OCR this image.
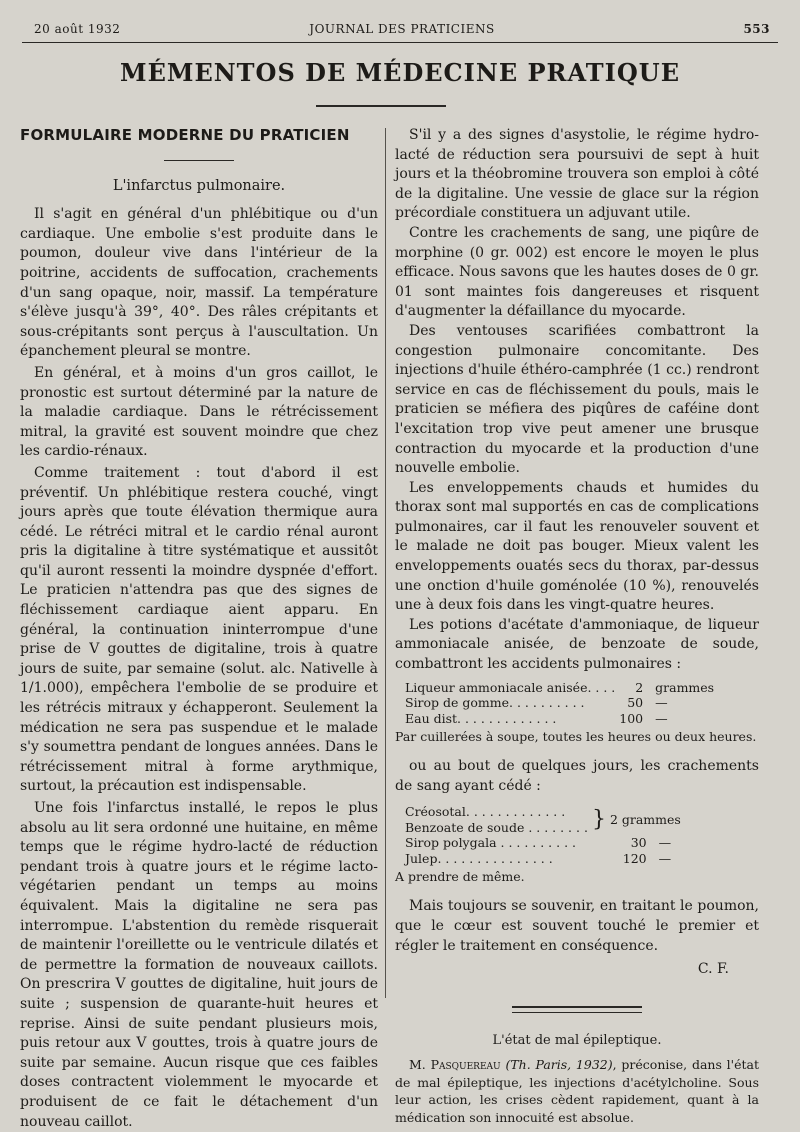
20 août 1932	JOURNAL DES PRATICIENS	553
MÉMENTOS DE MÉDECINE PRATIQUE

FORMULAIRE MODERNE DU PRATICIEN

L'infarctus pulmonaire.

Il s'agit en général d'un phlébitique ou d'un cardiaque. Une embolie s'est produite dans le poumon, douleur vive dans l'intérieur de la poitrine, accidents de suffocation, crachements d'un sang opaque, noir, massif. La température s'élève jusqu'à 39°, 40°. Des râles crépitants et sous-crépitants sont perçus à l'auscultation. Un épanchement pleural se montre.

En général, et à moins d'un gros caillot, le pronostic est surtout déterminé par la nature de la maladie cardiaque. Dans le rétrécissement mitral, la gravité est souvent moindre que chez les cardio-rénaux.

Comme traitement : tout d'abord il est préventif. Un phlébitique restera couché, vingt jours après que toute élévation thermique aura cédé. Le rétréci mitral et le cardio rénal auront pris la digitaline à titre systématique et aussitôt qu'il auront ressenti la moindre dyspnée d'effort. Le praticien n'attendra pas que des signes de fléchissement cardiaque aient apparu. En général, la continuation ininterrompue d'une prise de V gouttes de digitaline, trois à quatre jours de suite, par semaine (solut. alc. Nativelle à 1/1.000), empêchera l'embolie de se produire et les rétrécis mitraux y échapperont. Seulement la médication ne sera pas suspendue et le malade s'y soumettra pendant de longues années. Dans le rétrécissement mitral à forme arythmique, surtout, la précaution est indispensable.

Une fois l'infarctus installé, le repos le plus absolu au lit sera ordonné une huitaine, en même temps que le régime hydro-lacté de réduction pendant trois à quatre jours et le régime lacto-végétarien pendant un temps au moins équivalent. Mais la digitaline ne sera pas interrompue. L'abstention du remède risquerait de maintenir l'oreillette ou le ventricule dilatés et de permettre la formation de nouveaux caillots. On prescrira V gouttes de digitaline, huit jours de suite ; suspension de quarante-huit heures et reprise. Ainsi de suite pendant plusieurs mois, puis retour aux V gouttes, trois à quatre jours de suite par semaine. Aucun risque que ces faibles doses contractent violemment le myocarde et produisent de ce fait le détachement d'un nouveau caillot.

S'il y a des signes d'asystolie, le régime hydro-lacté de réduction sera poursuivi de sept à huit jours et la théobromine trouvera son emploi à côté de la digitaline. Une vessie de glace sur la région précordiale constituera un adjuvant utile.

Contre les crachements de sang, une piqûre de morphine (0 gr. 002) est encore le moyen le plus efficace. Nous savons que les hautes doses de 0 gr. 01 sont maintes fois dangereuses et risquent d'augmenter la défaillance du myocarde.

Des ventouses scarifiées combattront la congestion pulmonaire concomitante. Des injections d'huile éthéro-camphrée (1 cc.) rendront service en cas de fléchissement du pouls, mais le praticien se méfiera des piqûres de caféine dont l'excitation trop vive peut amener une brusque contraction du myocarde et la production d'une nouvelle embolie.

Les enveloppements chauds et humides du thorax sont mal supportés en cas de complications pulmonaires, car il faut les renouveler souvent et le malade ne doit pas bouger. Mieux valent les enveloppements ouatés secs du thorax, par-dessus une onction d'huile goménolée (10 %), renouvelés une à deux fois dans les vingt-quatre heures.

Les potions d'acétate d'ammoniaque, de liqueur ammoniacale anisée, de benzoate de soude, combattront les accidents pulmonaires :

Liqueur ammoniacale anisée. . . .	2	grammes
Sirop de gomme. . . . . . . . . .	50	—
Eau dist. . . . . . . . . . . . .	100	—

Par cuillerées à soupe, toutes les heures ou deux heures.

ou au bout de quelques jours, les crachements de sang ayant cédé :

Créosotal. . . . . . . . . . . . .	}	2 grammes	
Benzoate de soude . . . . . . . .			
Sirop polygala . . . . . . . . . .		30	—
Julep. . . . . . . . . . . . . . .		120	—

A prendre de même.

Mais toujours se souvenir, en traitant le poumon, que le cœur est souvent touché le premier et régler le traitement en conséquence.

C. F.

L'état de mal épileptique.

M. Pasquereau (Th. Paris, 1932), préconise, dans l'état de mal épileptique, les injections d'acétylcholine. Sous leur action, les crises cèdent rapidement, quant à la médication son innocuité est absolue.
